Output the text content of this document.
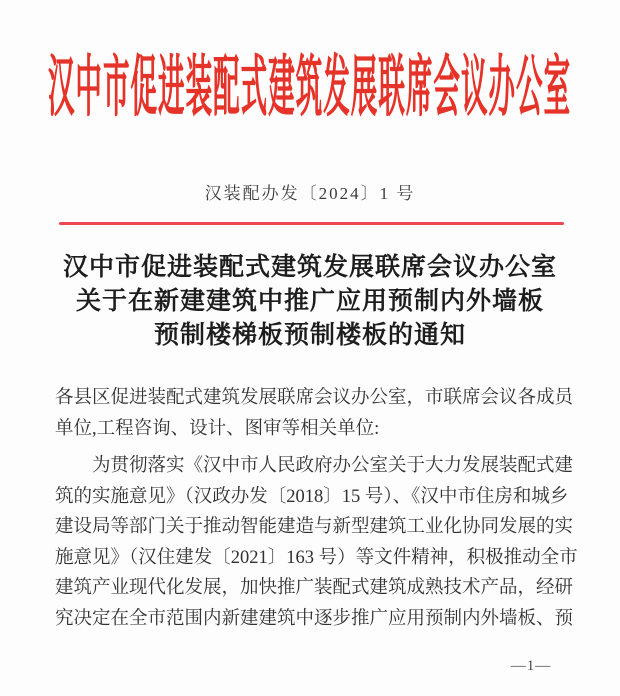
汉中市促进装配式建筑发展联席会议办公室
汉装配办发〔2024〕1 号
汉中市促进装配式建筑发展联席会议办公室
关于在新建建筑中推广应用预制内外墙板
预制楼梯板预制楼板的通知
各县区促进装配式建筑发展联席会议办公室，市联席会议各成员
单位,工程咨询、设计、图审等相关单位:
为贯彻落实《汉中市人民政府办公室关于大力发展装配式建
筑的实施意见》（汉政办发〔2018〕15 号）、《汉中市住房和城乡
建设局等部门关于推动智能建造与新型建筑工业化协同发展的实
施意见》（汉住建发〔2021〕163 号）等文件精神，积极推动全市
建筑产业现代化发展，加快推广装配式建筑成熟技术产品，经研
究决定在全市范围内新建建筑中逐步推广应用预制内外墙板、预
—1—
